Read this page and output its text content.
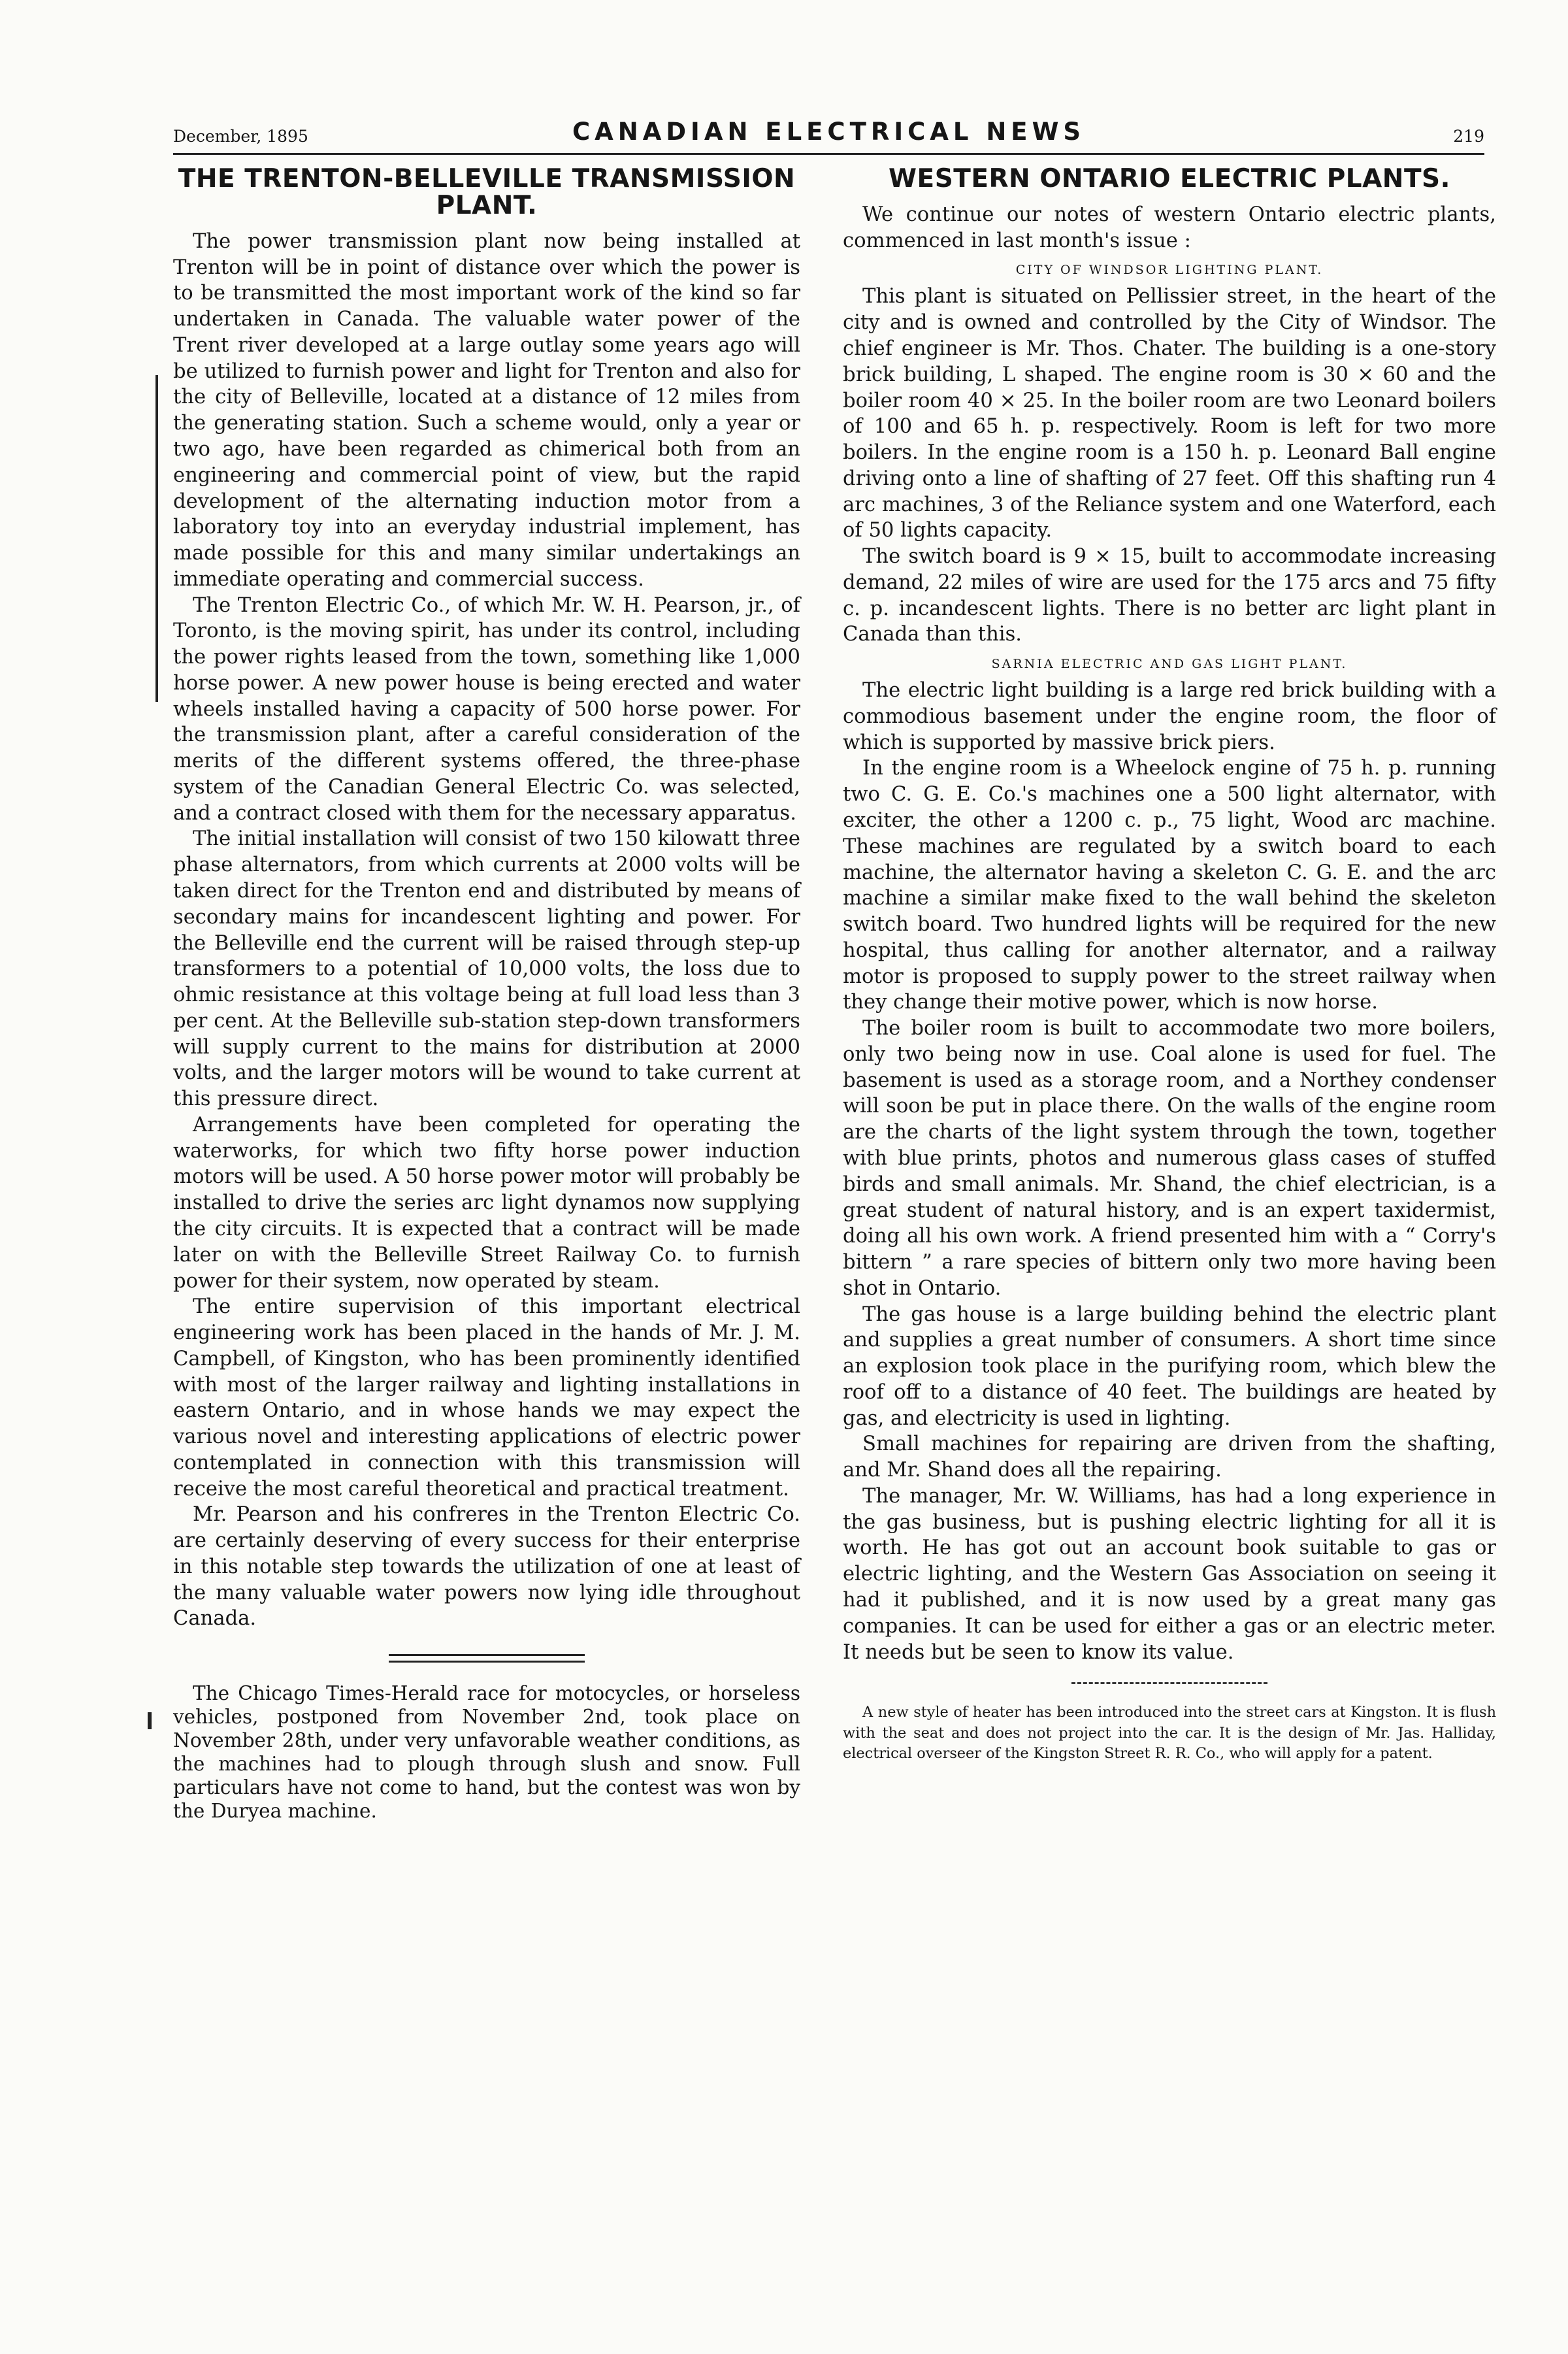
December, 1895	CANADIAN ELECTRICAL NEWS	219
THE TRENTON-BELLEVILLE TRANSMISSION PLANT.

The power transmission plant now being installed at Trenton will be in point of distance over which the power is to be transmitted the most important work of the kind so far undertaken in Canada. The valuable water power of the Trent river developed at a large outlay some years ago will be utilized to furnish power and light for Trenton and also for the city of Belleville, located at a distance of 12 miles from the generating station. Such a scheme would, only a year or two ago, have been regarded as chimerical both from an engineering and commercial point of view, but the rapid development of the alternating induction motor from a laboratory toy into an everyday industrial implement, has made possible for this and many similar undertakings an immediate operating and commercial success.

The Trenton Electric Co., of which Mr. W. H. Pearson, jr., of Toronto, is the moving spirit, has under its control, including the power rights leased from the town, something like 1,000 horse power. A new power house is being erected and water wheels installed having a capacity of 500 horse power. For the transmission plant, after a careful consideration of the merits of the different systems offered, the three-phase system of the Canadian General Electric Co. was selected, and a contract closed with them for the necessary apparatus.

The initial installation will consist of two 150 kilowatt three phase alternators, from which currents at 2000 volts will be taken direct for the Trenton end and distributed by means of secondary mains for incandescent lighting and power. For the Belleville end the current will be raised through step-up transformers to a potential of 10,000 volts, the loss due to ohmic resistance at this voltage being at full load less than 3 per cent. At the Belleville sub-station step-down transformers will supply current to the mains for distribution at 2000 volts, and the larger motors will be wound to take current at this pressure direct.

Arrangements have been completed for operating the waterworks, for which two fifty horse power induction motors will be used. A 50 horse power motor will probably be installed to drive the series arc light dynamos now supplying the city circuits. It is expected that a contract will be made later on with the Belleville Street Railway Co. to furnish power for their system, now operated by steam.

The entire supervision of this important electrical engineering work has been placed in the hands of Mr. J. M. Campbell, of Kingston, who has been prominently identified with most of the larger railway and lighting installations in eastern Ontario, and in whose hands we may expect the various novel and interesting applications of electric power contemplated in connection with this transmission will receive the most careful theoretical and practical treatment.

Mr. Pearson and his confreres in the Trenton Electric Co. are certainly deserving of every success for their enterprise in this notable step towards the utilization of one at least of the many valuable water powers now lying idle throughout Canada.

The Chicago Times-Herald race for motocycles, or horseless vehicles, postponed from November 2nd, took place on November 28th, under very unfavorable weather conditions, as the machines had to plough through slush and snow. Full particulars have not come to hand, but the contest was won by the Duryea machine.

WESTERN ONTARIO ELECTRIC PLANTS.

We continue our notes of western Ontario electric plants, commenced in last month's issue :

CITY OF WINDSOR LIGHTING PLANT.

This plant is situated on Pellissier street, in the heart of the city and is owned and controlled by the City of Windsor. The chief engineer is Mr. Thos. Chater. The building is a one-story brick building, L shaped. The engine room is 30 × 60 and the boiler room 40 × 25. In the boiler room are two Leonard boilers of 100 and 65 h. p. respectively. Room is left for two more boilers. In the engine room is a 150 h. p. Leonard Ball engine driving onto a line of shafting of 27 feet. Off this shafting run 4 arc machines, 3 of the Reliance system and one Waterford, each of 50 lights capacity.

The switch board is 9 × 15, built to accommodate increasing demand, 22 miles of wire are used for the 175 arcs and 75 fifty c. p. incandescent lights. There is no better arc light plant in Canada than this.

SARNIA ELECTRIC AND GAS LIGHT PLANT.

The electric light building is a large red brick building with a commodious basement under the engine room, the floor of which is supported by massive brick piers.

In the engine room is a Wheelock engine of 75 h. p. running two C. G. E. Co.'s machines one a 500 light alternator, with exciter, the other a 1200 c. p., 75 light, Wood arc machine. These machines are regulated by a switch board to each machine, the alternator having a skeleton C. G. E. and the arc machine a similar make fixed to the wall behind the skeleton switch board. Two hundred lights will be required for the new hospital, thus calling for another alternator, and a railway motor is proposed to supply power to the street railway when they change their motive power, which is now horse.

The boiler room is built to accommodate two more boilers, only two being now in use. Coal alone is used for fuel. The basement is used as a storage room, and a Northey condenser will soon be put in place there. On the walls of the engine room are the charts of the light system through the town, together with blue prints, photos and numerous glass cases of stuffed birds and small animals. Mr. Shand, the chief electrician, is a great student of natural history, and is an expert taxidermist, doing all his own work. A friend presented him with a “ Corry's bittern ” a rare species of bittern only two more having been shot in Ontario.

The gas house is a large building behind the electric plant and supplies a great number of consumers. A short time since an explosion took place in the purifying room, which blew the roof off to a distance of 40 feet. The buildings are heated by gas, and electricity is used in lighting.

Small machines for repairing are driven from the shafting, and Mr. Shand does all the repairing.

The manager, Mr. W. Williams, has had a long experience in the gas business, but is pushing electric lighting for all it is worth. He has got out an account book suitable to gas or electric lighting, and the Western Gas Association on seeing it had it published, and it is now used by a great many gas companies. It can be used for either a gas or an electric meter. It needs but be seen to know its value.

A new style of heater has been introduced into the street cars at Kingston. It is flush with the seat and does not project into the car. It is the design of Mr. Jas. Halliday, electrical overseer of the Kingston Street R. R. Co., who will apply for a patent.
